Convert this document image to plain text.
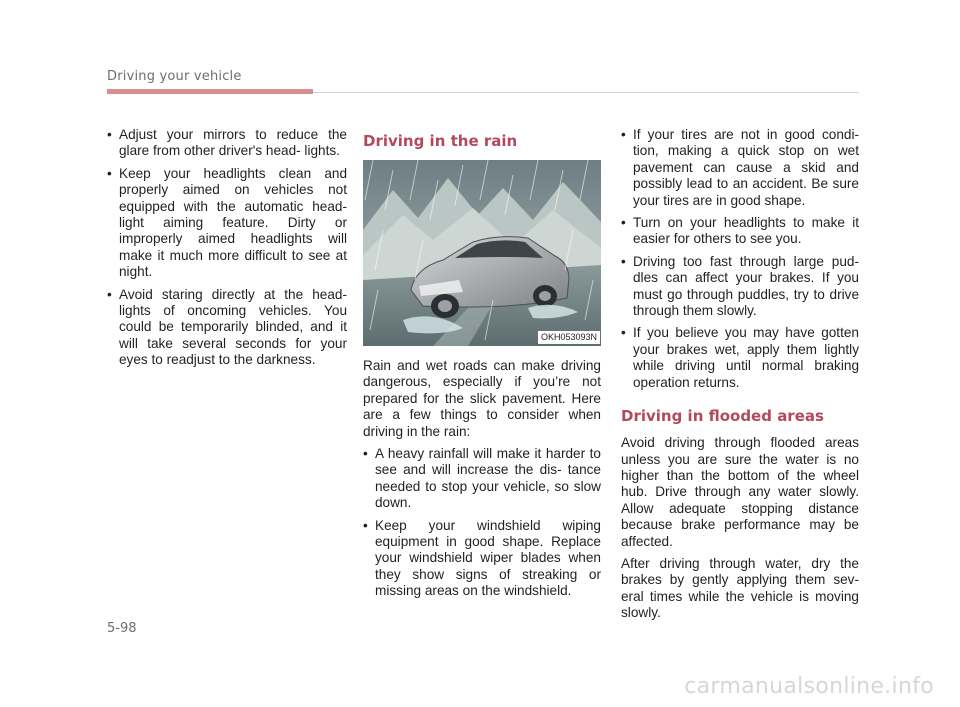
Driving your vehicle
• Adjust your mirrors to reduce the glare from other driver's head- lights.
• Keep your headlights clean and properly aimed on vehicles not equipped with the automatic head- light aiming feature. Dirty or improperly aimed headlights will make it much more difficult to see at night.
• Avoid staring directly at the head- lights of oncoming vehicles. You could be temporarily blinded, and it will take several seconds for your eyes to readjust to the darkness.
Driving in the rain
OKH053093N

Rain and wet roads can make driving dangerous, especially if you’re not prepared for the slick pavement. Here are a few things to consider when driving in the rain:

• A heavy rainfall will make it harder to see and will increase the dis- tance needed to stop your vehicle, so slow down.
• Keep your windshield wiping equipment in good shape. Replace your windshield wiper blades when they show signs of streaking or missing areas on the windshield.
• If your tires are not in good condi- tion, making a quick stop on wet pavement can cause a skid and possibly lead to an accident. Be sure your tires are in good shape.
• Turn on your headlights to make it easier for others to see you.
• Driving too fast through large pud- dles can affect your brakes. If you must go through puddles, try to drive through them slowly.
• If you believe you may have gotten your brakes wet, apply them lightly while driving until normal braking operation returns.
Driving in flooded areas

Avoid driving through flooded areas unless you are sure the water is no higher than the bottom of the wheel hub. Drive through any water slowly. Allow adequate stopping distance because brake performance may be affected.

After driving through water, dry the brakes by gently applying them sev- eral times while the vehicle is moving slowly.

5-98
carmanualsonline.info
